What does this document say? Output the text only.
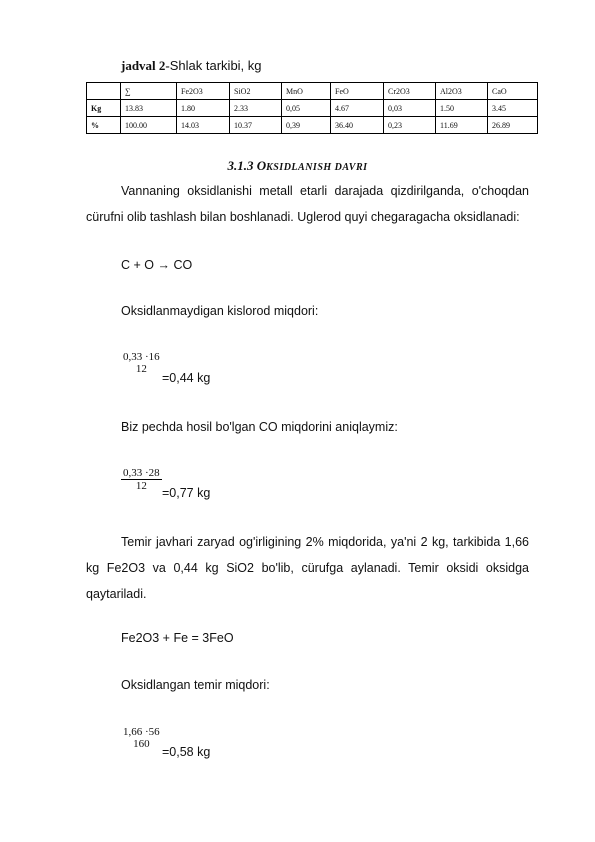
jadval 2-Shlak tarkibi, kg
	∑	Fe2O3	SiO2	MnO	FeO	Cr2O3	Al2O3	CaO
Kg	13.83	1.80	2.33	0,05	4.67	0,03	1.50	3.45
%	100.00	14.03	10.37	0,39	36.40	0,23	11.69	26.89
3.1.3 OKSIDLANISH DAVRI
Vannaning oksidlanishi metall etarli darajada qizdirilganda, o'choqdan cürufni olib tashlash bilan boshlanadi. Uglerod quyi chegaragacha oksidlanadi:
C + O → CO
Oksidlanmaydigan kislorod miqdori:
0,33 ·16
12
=0,44 kg
Biz pechda hosil bo'lgan CO miqdorini aniqlaymiz:
$\frac{0,33 \cdot 28}{12}$
=0,77 kg
Temir javhari zaryad og'irligining 2% miqdorida, ya'ni 2 kg, tarkibida 1,66 kg Fe2O3 va 0,44 kg SiO2 bo'lib, cürufga aylanadi. Temir oksidi oksidga qaytariladi.
Fe2O3 + Fe = 3FeO
Oksidlangan temir miqdori:
1,66 ·56
160
=0,58 kg
